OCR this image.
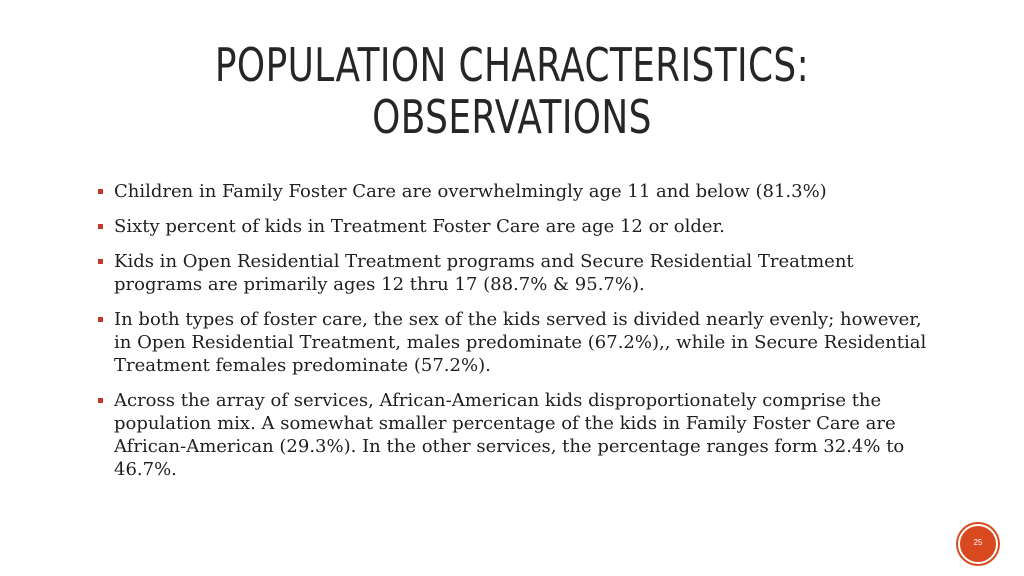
POPULATION CHARACTERISTICS:
OBSERVATIONS
Children in Family Foster Care are overwhelmingly age 11 and below (81.3%)
Sixty percent of kids in Treatment Foster Care are age 12 or older.
Kids in Open Residential Treatment programs and Secure Residential Treatment programs are primarily ages 12 thru 17 (88.7% & 95.7%).
In both types of foster care, the sex of the kids served is divided nearly evenly; however, in Open Residential Treatment, males predominate (67.2%),, while in Secure Residential Treatment females predominate (57.2%).
Across the array of services, African-American kids disproportionately comprise the population mix. A somewhat smaller percentage of the kids in Family Foster Care are African-American (29.3%). In the other services, the percentage ranges form 32.4% to 46.7%.
25
